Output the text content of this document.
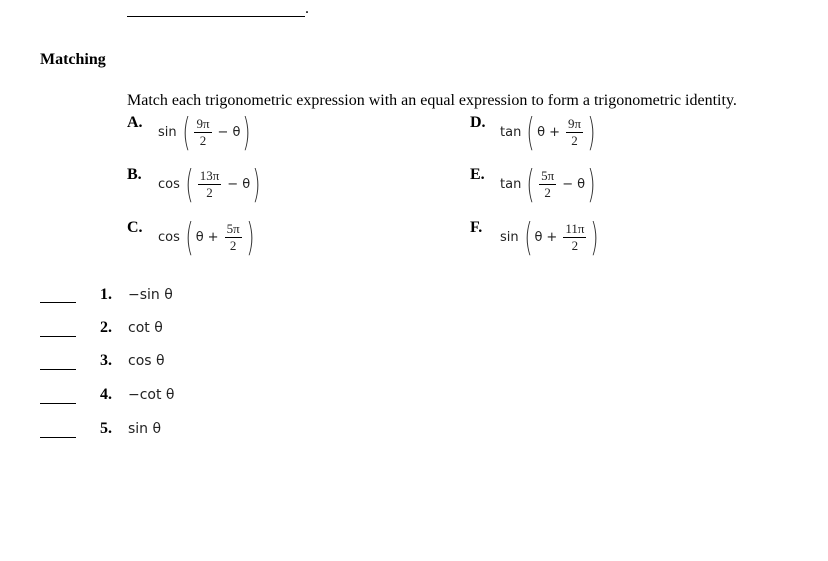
.
Matching
Match each trigonometric expression with an equal expression to form a trigonometric identity.
A.
sin ( $\frac{9\pi}{2} - \theta$ )
B.
cos ( $\frac{13\pi}{2} - \theta$ )
C.
cos ( $\theta + \frac{5\pi}{2}$ )
D.
tan ( $\theta + \frac{9\pi}{2}$ )
E.
tan ( $\frac{5\pi}{2} - \theta$ )
F.
sin ( $\theta + \frac{11\pi}{2}$ )
1. −sin θ
2. cot θ
3. cos θ
4. −cot θ
5. sin θ
